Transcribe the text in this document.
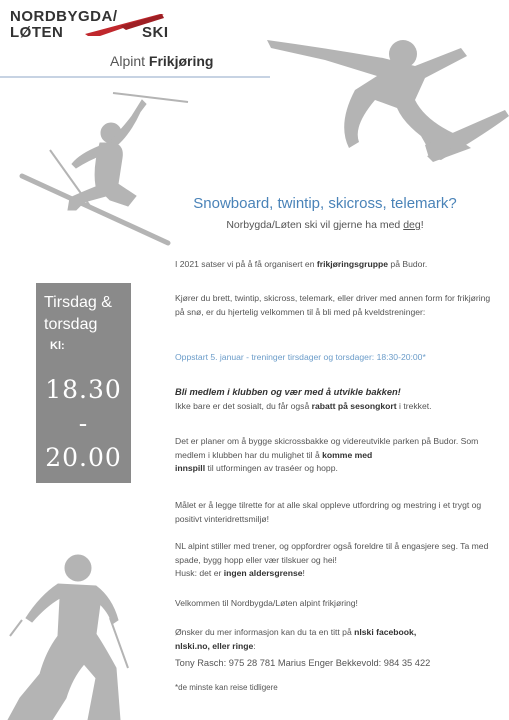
NORDBYGDA/
LØTEN	SKI
Alpint Frikjøring
Snowboard, twintip, skicross, telemark?
Norbygda/Løten ski vil gjerne ha med deg!
Tirsdag &
torsdag
Kl:
18.30
-
20.00
I 2021 satser vi på å få organisert en frikjøringsgruppe på Budor.
Kjører du brett, twintip, skicross, telemark, eller driver med annen form for frikjøring på snø, er du hjertelig velkommen til å bli med på kveldstreninger:
Oppstart 5. januar - treninger tirsdager og torsdager: 18:30-20:00*
Bli medlem i klubben og vær med å utvikle bakken!
Ikke bare er det sosialt, du får også rabatt på sesongkort i trekket.
Det er planer om å bygge skicrossbakke og videreutvikle parken på Budor. Som medlem i klubben har du mulighet til å komme med
innspill til utformingen av traséer og hopp.
Målet er å legge tilrette for at alle skal oppleve utfordring og mestring i et trygt og positivt vinteridrettsmiljø!
NL alpint stiller med trener, og oppfordrer også foreldre til å engasjere seg. Ta med spade, bygg hopp eller vær tilskuer og hei!
Husk: det er ingen aldersgrense!
Velkommen til Nordbygda/Løten alpint frikjøring!
Ønsker du mer informasjon kan du ta en titt på nlski facebook,
nlski.no, eller ringe:
Tony Rasch: 975 28 781 Marius Enger Bekkevold: 984 35 422
*de minste kan reise tidligere
